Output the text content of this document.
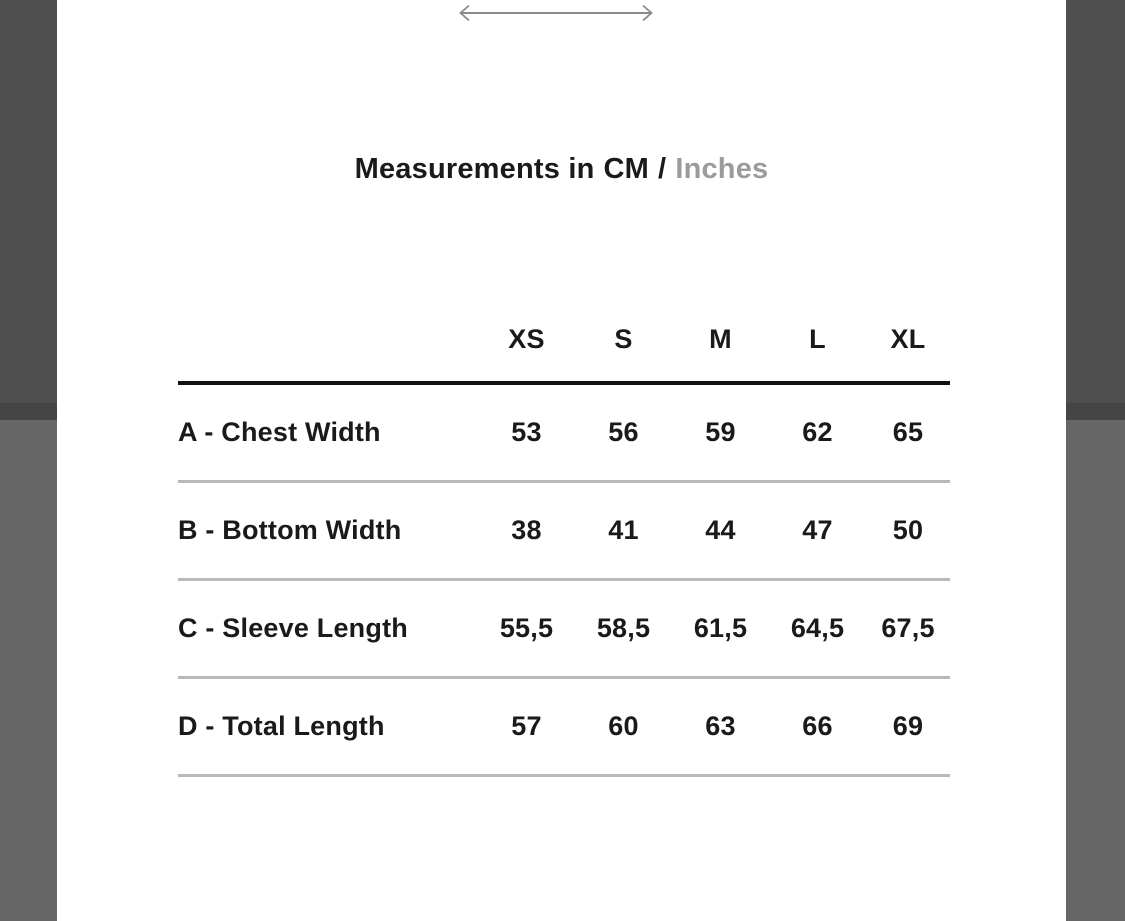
Measurements in CM / Inches
	XS	S	M	L	XL
A - Chest Width	53	56	59	62	65
B - Bottom Width	38	41	44	47	50
C - Sleeve Length	55,5	58,5	61,5	64,5	67,5
D - Total Length	57	60	63	66	69
